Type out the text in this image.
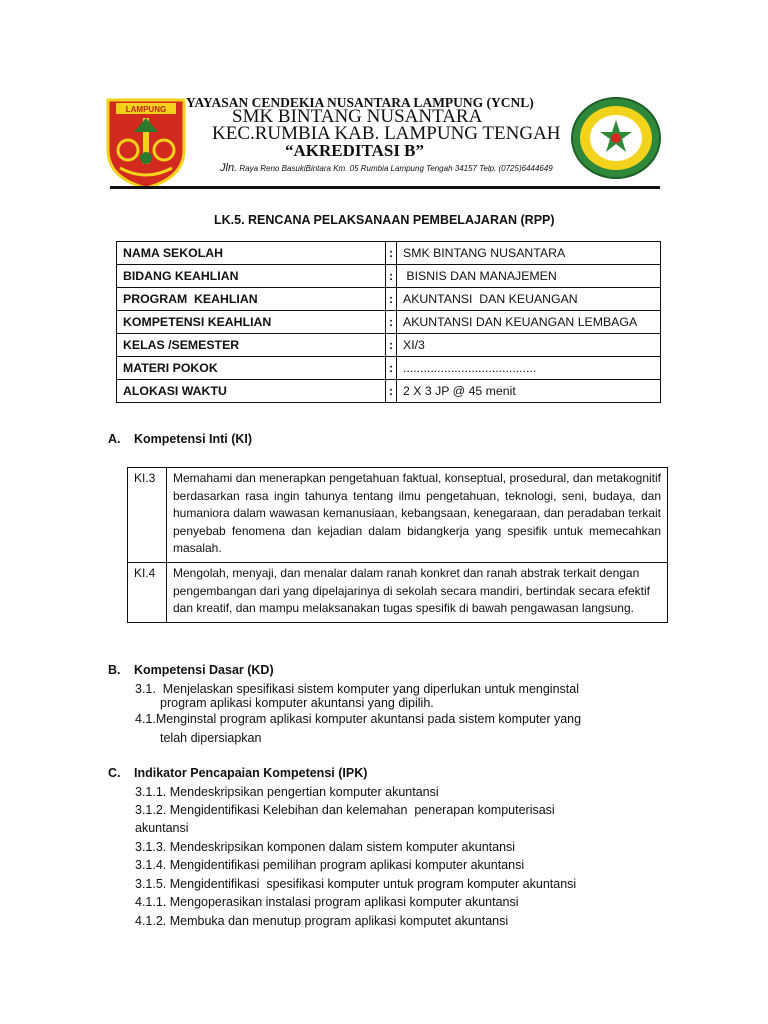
LAMPUNG YAYASAN CENDEKIA NUSANTARA LAMPUNG (YCNL)
SMK BINTANG NUSANTARA
KEC.RUMBIA KAB. LAMPUNG TENGAH
“AKREDITASI B”
Jln. Raya Reno BasukiBintara Km. 05 Rumbia Lampung Tengah 34157 Telp. (0725)6444649
LK.5. RENCANA PELAKSANAAN PEMBELAJARAN (RPP)
NAMA SEKOLAH	:	SMK BINTANG NUSANTARA
BIDANG KEAHLIAN	:	BISNIS DAN MANAJEMEN
PROGRAM  KEAHLIAN	:	AKUNTANSI  DAN KEUANGAN
KOMPETENSI KEAHLIAN	:	AKUNTANSI DAN KEUANGAN LEMBAGA
KELAS /SEMESTER	:	XI/3
MATERI POKOK	:	.......................................
ALOKASI WAKTU	:	2 X 3 JP @ 45 menit
A. Kompetensi Inti (KI)
KI.3	Memahami dan menerapkan pengetahuan faktual, konseptual, prosedural, dan metakognitif berdasarkan rasa ingin tahunya tentang ilmu pengetahuan, teknologi, seni, budaya, dan humaniora dalam wawasan kemanusiaan, kebangsaan, kenegaraan, dan peradaban terkait penyebab fenomena dan kejadian dalam bidangkerja yang spesifik untuk memecahkan masalah.
KI.4	Mengolah, menyaji, dan menalar dalam ranah konkret dan ranah abstrak terkait dengan pengembangan dari yang dipelajarinya di sekolah secara mandiri, bertindak secara efektif dan kreatif, dan mampu melaksanakan tugas spesifik di bawah pengawasan langsung.
B. Kompetensi Dasar (KD)
3.1.  Menjelaskan spesifikasi sistem komputer yang diperlukan untuk menginstal
program aplikasi komputer akuntansi yang dipilih.
4.1.Menginstal program aplikasi komputer akuntansi pada sistem komputer yang
telah dipersiapkan
C. Indikator Pencapaian Kompetensi (IPK)
3.1.1. Mendeskripsikan pengertian komputer akuntansi
3.1.2. Mengidentifikasi Kelebihan dan kelemahan  penerapan komputerisasi
akuntansi
3.1.3. Mendeskripsikan komponen dalam sistem komputer akuntansi
3.1.4. Mengidentifikasi pemilihan program aplikasi komputer akuntansi
3.1.5. Mengidentifikasi  spesifikasi komputer untuk program komputer akuntansi
4.1.1. Mengoperasikan instalasi program aplikasi komputer akuntansi
4.1.2. Membuka dan menutup program aplikasi komputet akuntansi
